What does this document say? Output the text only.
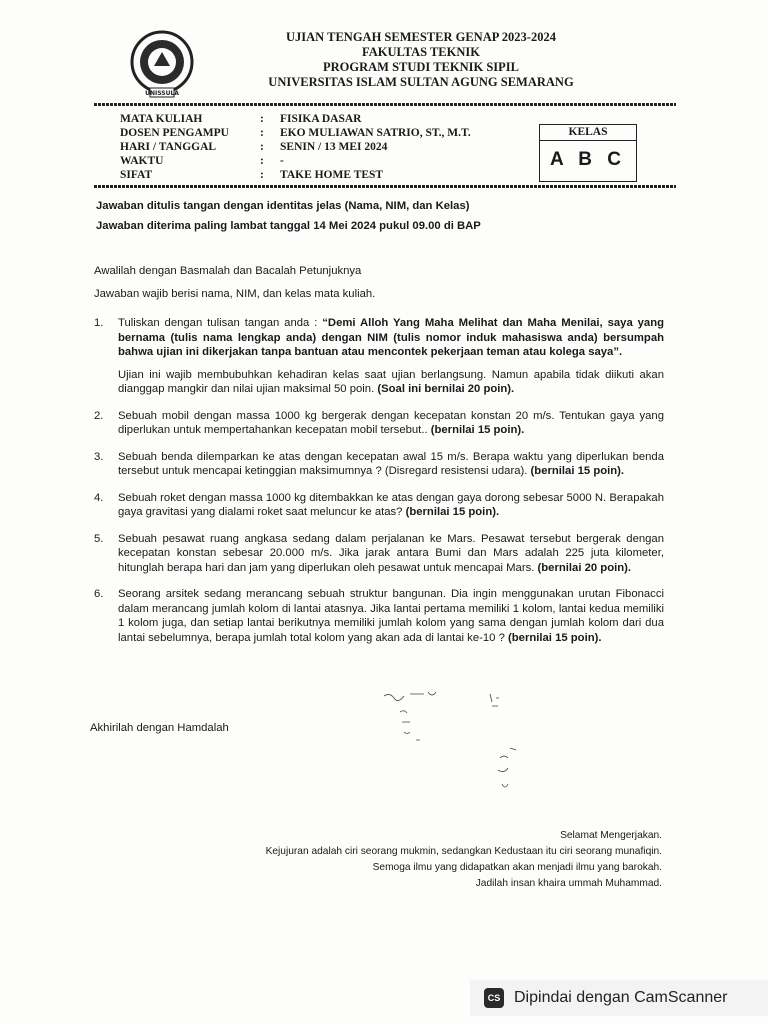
UNISSULA
UJIAN TENGAH SEMESTER GENAP 2023-2024
FAKULTAS TEKNIK
PROGRAM STUDI TEKNIK SIPIL
UNIVERSITAS ISLAM SULTAN AGUNG SEMARANG
MATA KULIAH	:	FISIKA DASAR
DOSEN PENGAMPU	:	EKO MULIAWAN SATRIO, ST., M.T.
HARI / TANGGAL	:	SENIN / 13 MEI 2024
WAKTU	:	-
SIFAT	:	TAKE HOME TEST
KELAS
A B C
Jawaban ditulis tangan dengan identitas jelas (Nama, NIM, dan Kelas)
Jawaban diterima paling lambat tanggal 14 Mei 2024 pukul 09.00 di BAP
Awalilah dengan Basmalah dan Bacalah Petunjuknya
Jawaban wajib berisi nama, NIM, dan kelas mata kuliah.
1.	Tuliskan dengan tulisan tangan anda : “Demi Alloh Yang Maha Melihat dan Maha Menilai, saya yang bernama (tulis nama lengkap anda) dengan NIM (tulis nomor induk mahasiswa anda) bersumpah bahwa ujian ini dikerjakan tanpa bantuan atau mencontek pekerjaan teman atau kolega saya”.

Ujian ini wajib membubuhkan kehadiran kelas saat ujian berlangsung. Namun apabila tidak diikuti akan dianggap mangkir dan nilai ujian maksimal 50 poin. (Soal ini bernilai 20 poin).

2.	Sebuah mobil dengan massa 1000 kg bergerak dengan kecepatan konstan 20 m/s. Tentukan gaya yang diperlukan untuk mempertahankan kecepatan mobil tersebut.. (bernilai 15 poin).

3.	Sebuah benda dilemparkan ke atas dengan kecepatan awal 15 m/s. Berapa waktu yang diperlukan benda tersebut untuk mencapai ketinggian maksimumnya ? (Disregard resistensi udara). (bernilai 15 poin).

4.	Sebuah roket dengan massa 1000 kg ditembakkan ke atas dengan gaya dorong sebesar 5000 N. Berapakah gaya gravitasi yang dialami roket saat meluncur ke atas? (bernilai 15 poin).

5.	Sebuah pesawat ruang angkasa sedang dalam perjalanan ke Mars. Pesawat tersebut bergerak dengan kecepatan konstan sebesar 20.000 m/s. Jika jarak antara Bumi dan Mars adalah 225 juta kilometer, hitunglah berapa hari dan jam yang diperlukan oleh pesawat untuk mencapai Mars. (bernilai 20 poin).

6.	Seorang arsitek sedang merancang sebuah struktur bangunan. Dia ingin menggunakan urutan Fibonacci dalam merancang jumlah kolom di lantai atasnya. Jika lantai pertama memiliki 1 kolom, lantai kedua memiliki 1 kolom juga, dan setiap lantai berikutnya memiliki jumlah kolom yang sama dengan jumlah kolom dari dua lantai sebelumnya, berapa jumlah total kolom yang akan ada di lantai ke-10 ? (bernilai 15 poin).

Akhirilah dengan Hamdalah
Selamat Mengerjakan.
Kejujuran adalah ciri seorang mukmin, sedangkan Kedustaan itu ciri seorang munafiqin.
Semoga ilmu yang didapatkan akan menjadi ilmu yang barokah.
Jadilah insan khaira ummah Muhammad.
CS Dipindai dengan CamScanner
